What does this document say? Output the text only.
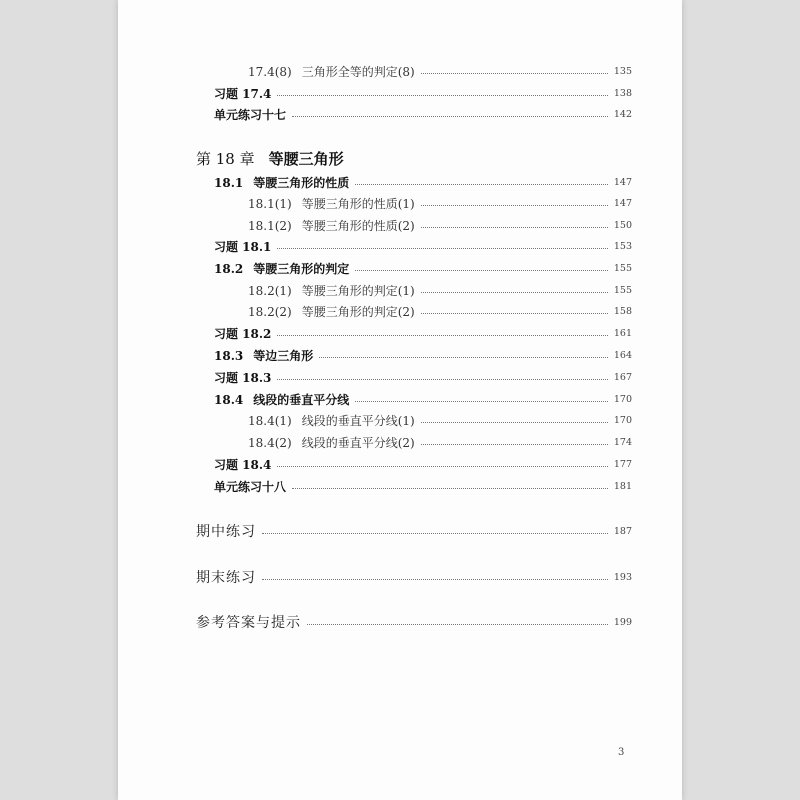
17.4(8) 三角形全等的判定(8)	135
习题 17.4	138
单元练习十七	142
第 18 章 等腰三角形
18.1 等腰三角形的性质	147
18.1(1) 等腰三角形的性质(1)	147
18.1(2) 等腰三角形的性质(2)	150
习题 18.1	153
18.2 等腰三角形的判定	155
18.2(1) 等腰三角形的判定(1)	155
18.2(2) 等腰三角形的判定(2)	158
习题 18.2	161
18.3 等边三角形	164
习题 18.3	167
18.4 线段的垂直平分线	170
18.4(1) 线段的垂直平分线(1)	170
18.4(2) 线段的垂直平分线(2)	174
习题 18.4	177
单元练习十八	181
期中练习	187
期末练习	193
参考答案与提示	199
3
